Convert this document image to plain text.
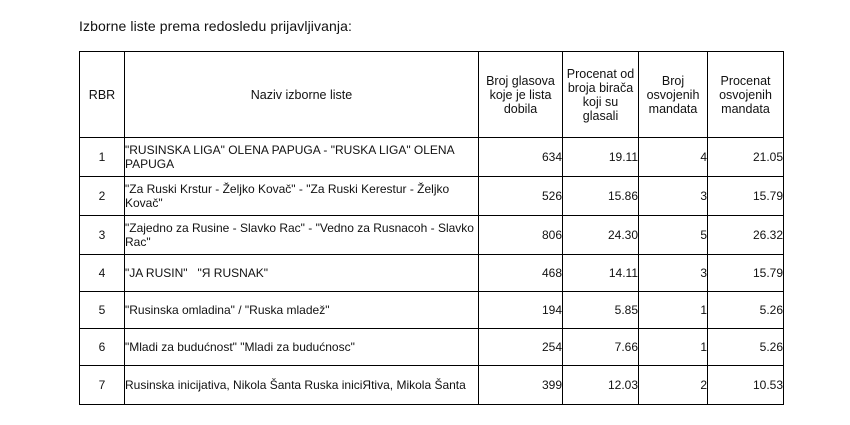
Izborne liste prema redosledu prijavljivanja:
RBR	Naziv izborne liste	Broj glasova koje je lista dobila	Procenat od broja birača koji su glasali	Broj osvojenih mandata	Procenat osvojenih mandata
1	"RUSINSKA LIGA" OLENA PAPUGA - "RUSKA LIGA" OLENA PAPUGA	634	19.11	4	21.05
2	"Za Ruski Krstur - Željko Kovač" - "Za Ruski Kerestur - Željko Kovač"	526	15.86	3	15.79
3	"Zajedno za Rusine - Slavko Rac" - "Vedno za Rusnacoh - Slavko Rac"	806	24.30	5	26.32
4	"JA RUSIN"   "Я RUSNAK"	468	14.11	3	15.79
5	"Rusinska omladina" / "Ruska mladež"	194	5.85	1	5.26
6	"Mladi za budućnost" "Mladi za budućnosc"	254	7.66	1	5.26
7	Rusinska inicijativa, Nikola Šanta Ruska iniciЯtiva, Mikola Šanta	399	12.03	2	10.53
